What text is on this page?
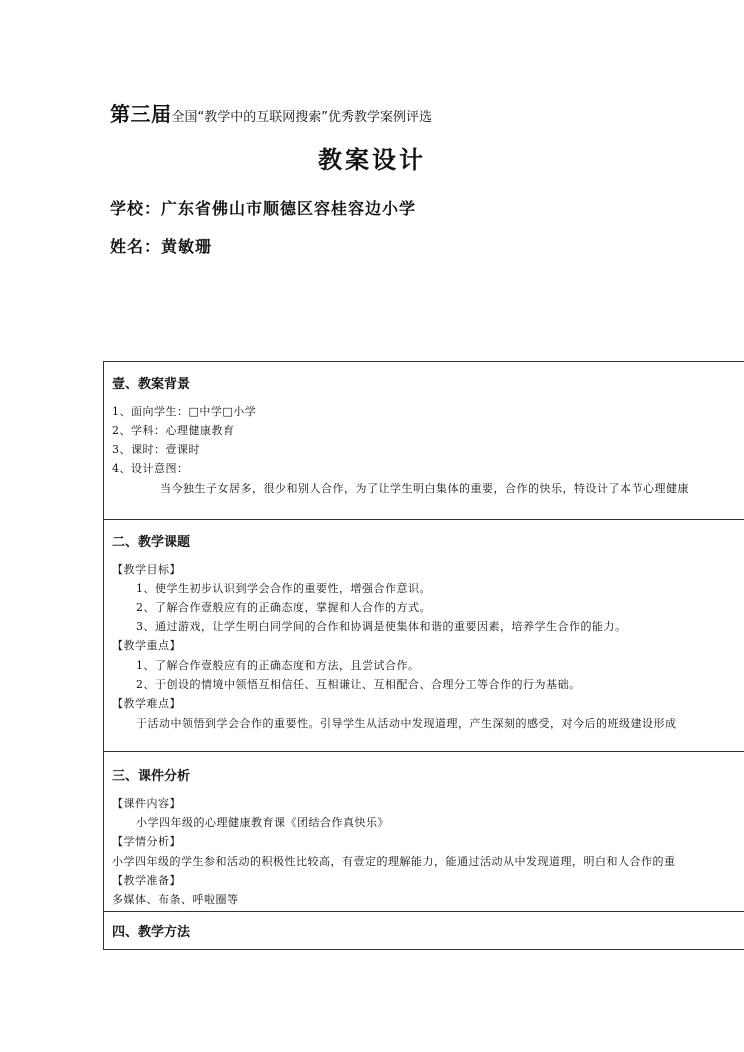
第三届全国“教学中的互联网搜索”优秀教学案例评选
教案设计
学校：广东省佛山市顺德区容桂容边小学
姓名：黄敏珊
壹、教案背景
1、面向学生：□中学□小学
2、学科：心理健康教育
3、课时：壹课时
4、设计意图：
当今独生子女居多，很少和别人合作，为了让学生明白集体的重要，合作的快乐，特设计了本节心理健康
二、教学课题
【教学目标】
1、使学生初步认识到学会合作的重要性，增强合作意识。
2、了解合作壹般应有的正确态度，掌握和人合作的方式。
3、通过游戏，让学生明白同学间的合作和协调是使集体和谐的重要因素，培养学生合作的能力。
【教学重点】
1、了解合作壹般应有的正确态度和方法，且尝试合作。
2、于创设的情境中领悟互相信任、互相谦让、互相配合、合理分工等合作的行为基础。
【教学难点】
于活动中领悟到学会合作的重要性。引导学生从活动中发现道理，产生深刻的感受，对今后的班级建设形成
三、课件分析
【课件内容】
小学四年级的心理健康教育课《团结合作真快乐》
【学情分析】
小学四年级的学生参和活动的积极性比较高，有壹定的理解能力，能通过活动从中发现道理，明白和人合作的重
【教学准备】
多媒体、布条、呼啦圈等
四、教学方法
